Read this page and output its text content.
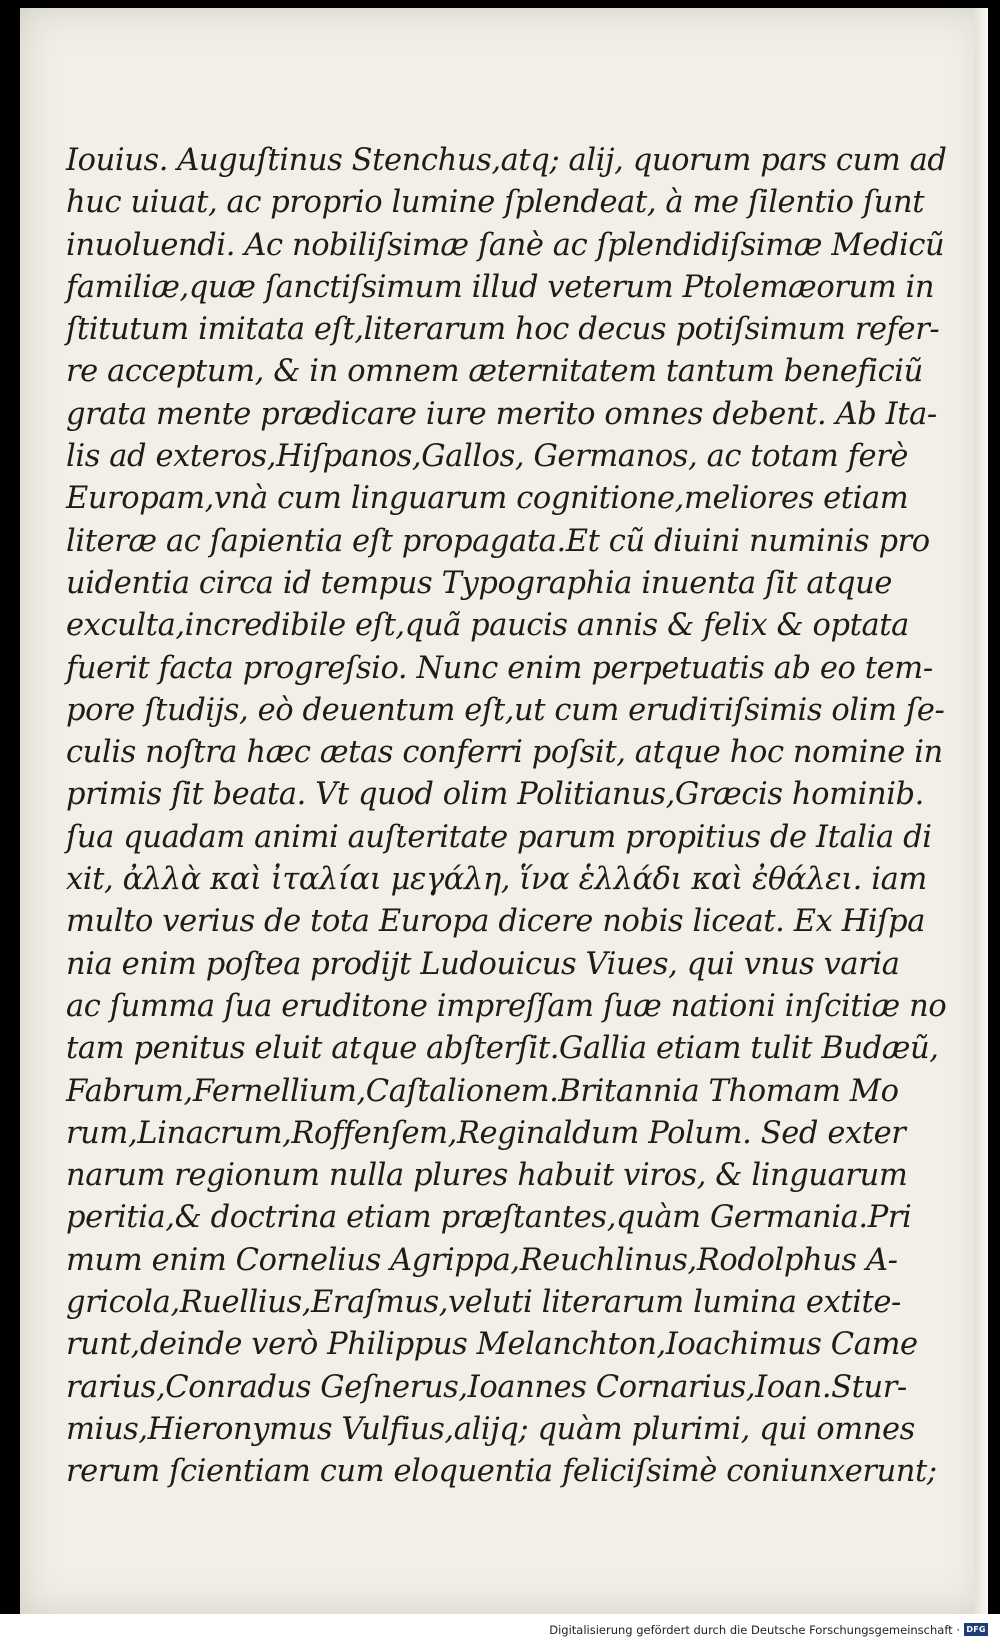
Iouius. Auguſtinus Stenchus,atq; alij, quorum pars cum ad
huc uiuat, ac proprio lumine ſplendeat, à me ſilentio ſunt
inuoluendi. Ac nobiliſsimæ ſanè ac ſplendidiſsimæ Medicũ
familiæ,quæ ſanctiſsimum illud veterum Ptolemæorum in
ſtitutum imitata eſt,literarum hoc decus potiſsimum refer-
re acceptum, & in omnem æternitatem tantum beneficiũ
grata mente prædicare iure merito omnes debent. Ab Ita-
lis ad exteros,Hiſpanos,Gallos, Germanos, ac totam ferè
Europam,vnà cum linguarum cognitione,meliores etiam
literæ ac ſapientia eſt propagata.Et cũ diuini numinis pro
uidentia circa id tempus Typographia inuenta ſit atque
exculta,incredibile eſt,quã paucis annis & felix & optata
fuerit facta progreſsio. Nunc enim perpetuatis ab eo tem-
pore ſtudijs, eò deuentum eſt,ut cum erudiτiſsimis olim ſe-
culis noſtra hæc ætas conferri poſsit, atque hoc nomine in
primis ſit beata. Vt quod olim Politianus,Græcis hominib.
ſua quadam animi auſteritate parum propitius de Italia di
xit, ἀλλὰ καὶ ἰταλίαι μεγάλη, ἵνα ἑλλάδι καὶ ἐθάλει. iam
multo verius de tota Europa dicere nobis liceat. Ex Hiſpa
nia enim poſtea prodijt Ludouicus Viues, qui vnus varia
ac ſumma ſua eruditone impreſſam ſuæ nationi inſcitiæ no
tam penitus eluit atque abſterſit.Gallia etiam tulit Budæũ,
Fabrum,Fernellium,Caſtalionem.Britannia Thomam Mo
rum,Linacrum,Roffenſem,Reginaldum Polum. Sed exter
narum regionum nulla plures habuit viros, & linguarum
peritia,& doctrina etiam præſtantes,quàm Germania.Pri
mum enim Cornelius Agrippa,Reuchlinus,Rodolphus A-
gricola,Ruellius,Eraſmus,veluti literarum lumina extite-
runt,deinde verò Philippus Melanchton,Ioachimus Came
rarius,Conradus Geſnerus,Ioannes Cornarius,Ioan.Stur-
mius,Hieronymus Vulfius,alijq; quàm plurimi, qui omnes
rerum ſcientiam cum eloquentia feliciſsimè coniunxerunt;
Digitalisierung gefördert durch die Deutsche Forschungsgemeinschaft · DFG
